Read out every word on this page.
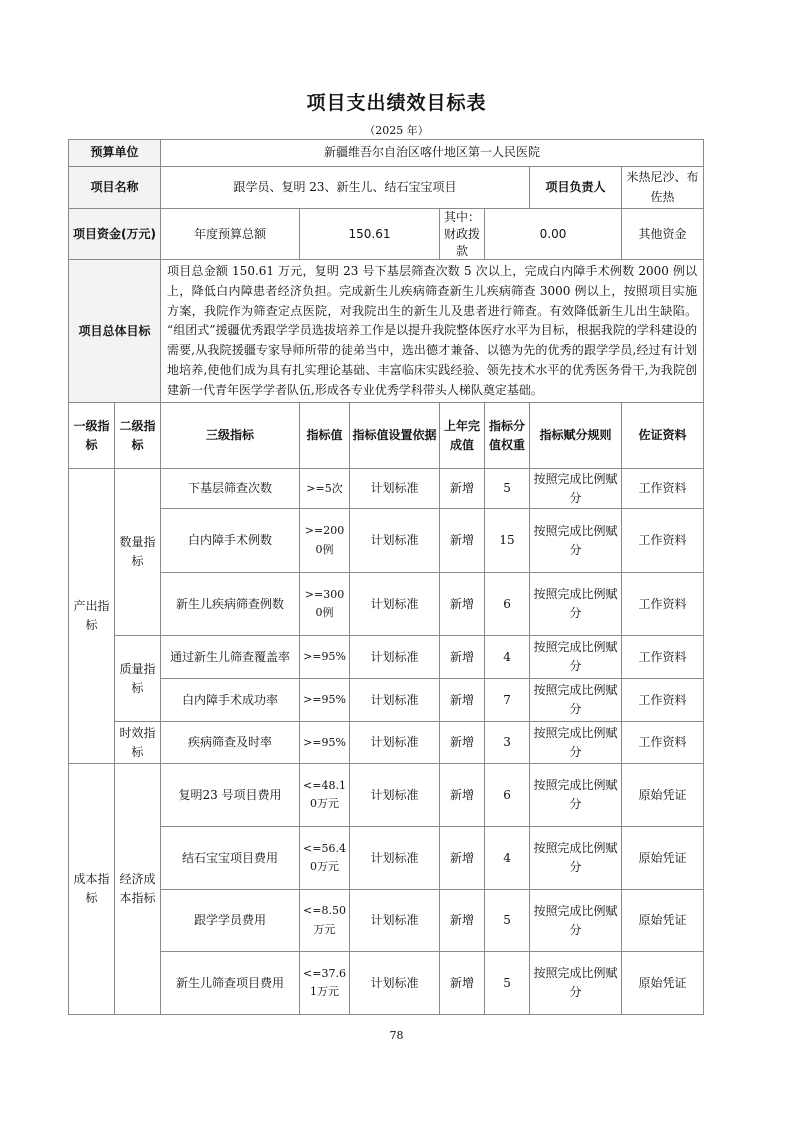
项目支出绩效目标表
（2025 年）
预算单位		新疆维吾尔自治区喀什地区第一人民医院						
项目名称		跟学员、复明 23、新生儿、结石宝宝项目					项目负责人	米热尼沙、布佐热
项目资金(万元)		年度预算总额	150.61		其中：财政拨款	0.00		其他资金
项目总体目标		项目总金额 150.61 万元，复明 23 号下基层筛查次数 5 次以上，完成白内障手术例数 2000 例以上，降低白内障患者经济负担。完成新生儿疾病筛查新生儿疾病筛查 3000 例以上，按照项目实施方案，我院作为筛查定点医院，对我院出生的新生儿及患者进行筛查。有效降低新生儿出生缺陷。 “组团式”援疆优秀跟学学员选拔培养工作是以提升我院整体医疗水平为目标，根据我院的学科建设的需要,从我院援疆专家导师所带的徒弟当中，选出德才兼备、以德为先的优秀的跟学学员,经过有计划地培养,使他们成为具有扎实理论基础、丰富临床实践经验、领先技术水平的优秀医务骨干,为我院创建新一代青年医学学者队伍,形成各专业优秀学科带头人梯队奠定基础。						
一级指标	二级指标	三级指标	指标值	指标值设置依据	上年完成值	指标分值权重	指标赋分规则	佐证资料
产出指标	数量指标	下基层筛查次数	>=5次	计划标准	新增	5	按照完成比例赋分	工作资料
		白内障手术例数	>=2000例	计划标准	新增	15	按照完成比例赋分	工作资料
		新生儿疾病筛查例数	>=3000例	计划标准	新增	6	按照完成比例赋分	工作资料
	质量指标	通过新生儿筛查覆盖率	>=95%	计划标准	新增	4	按照完成比例赋分	工作资料
		白内障手术成功率	>=95%	计划标准	新增	7	按照完成比例赋分	工作资料
	时效指标	疾病筛查及时率	>=95%	计划标准	新增	3	按照完成比例赋分	工作资料
成本指标	经济成本指标	复明23 号项目费用	<=48.10万元	计划标准	新增	6	按照完成比例赋分	原始凭证
		结石宝宝项目费用	<=56.40万元	计划标准	新增	4	按照完成比例赋分	原始凭证
		跟学学员费用	<=8.50万元	计划标准	新增	5	按照完成比例赋分	原始凭证
		新生儿筛查项目费用	<=37.61万元	计划标准	新增	5	按照完成比例赋分	原始凭证
78
